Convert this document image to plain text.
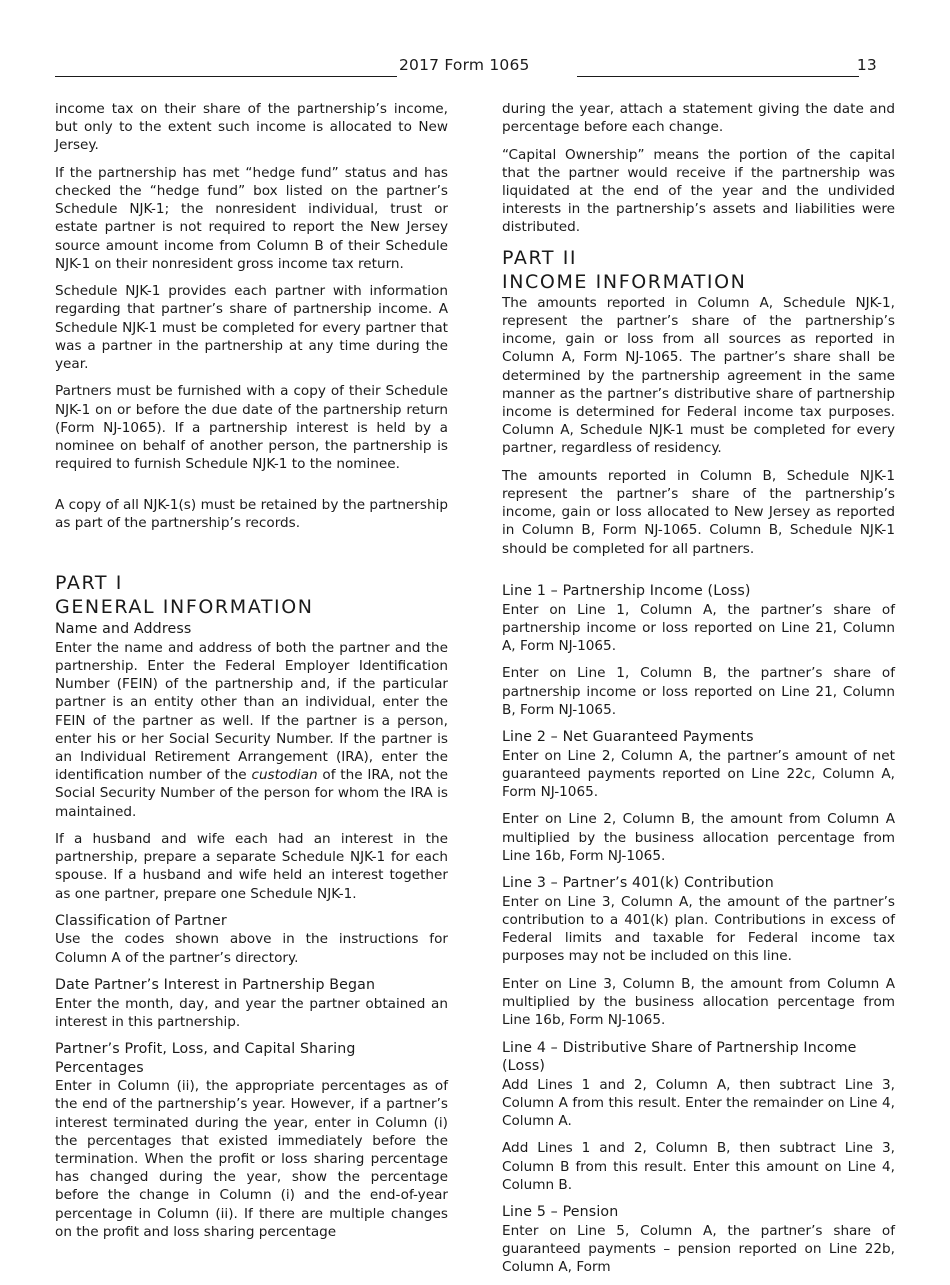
2017 Form 1065	13

income tax on their share of the partnership’s income, but only to the extent such income is allocated to New Jersey.

If the partnership has met “hedge fund” status and has checked the “hedge fund” box listed on the partner’s Schedule NJK-1; the nonresident individual, trust or estate partner is not required to report the New Jersey source amount income from Column B of their Schedule NJK-1 on their nonresident gross income tax return.

Schedule NJK-1 provides each partner with information regarding that partner’s share of partnership income. A Schedule NJK-1 must be completed for every partner that was a partner in the partnership at any time during the year.

Partners must be furnished with a copy of their Schedule NJK-1 on or before the due date of the partnership return (Form NJ-1065). If a partnership interest is held by a nominee on behalf of another person, the partnership is required to furnish Schedule NJK-1 to the nominee.

A copy of all NJK-1(s) must be retained by the partnership as part of the partnership’s records.

PART I
GENERAL INFORMATION
Name and Address

Enter the name and address of both the partner and the partnership. Enter the Federal Employer Identification Number (FEIN) of the partnership and, if the particular partner is an entity other than an individual, enter the FEIN of the partner as well. If the partner is a person, enter his or her Social Security Number. If the partner is an Individual Retirement Arrangement (IRA), enter the identification number of the custodian of the IRA, not the Social Security Number of the person for whom the IRA is maintained.

If a husband and wife each had an interest in the partnership, prepare a separate Schedule NJK-1 for each spouse. If a husband and wife held an interest together as one partner, prepare one Schedule NJK-1.

Classification of Partner

Use the codes shown above in the instructions for Column A of the partner’s directory.

Date Partner’s Interest in Partnership Began

Enter the month, day, and year the partner obtained an interest in this partnership.

Partner’s Profit, Loss, and Capital Sharing Percentages

Enter in Column (ii), the appropriate percentages as of the end of the partnership’s year. However, if a partner’s interest terminated during the year, enter in Column (i) the percentages that existed immediately before the termination. When the profit or loss sharing percentage has changed during the year, show the percentage before the change in Column (i) and the end-of-year percentage in Column (ii). If there are multiple changes on the profit and loss sharing percentage

during the year, attach a statement giving the date and percentage before each change.

“Capital Ownership” means the portion of the capital that the partner would receive if the partnership was liquidated at the end of the year and the undivided interests in the partnership’s assets and liabilities were distributed.

PART II
INCOME INFORMATION

The amounts reported in Column A, Schedule NJK-1, represent the partner’s share of the partnership’s income, gain or loss from all sources as reported in Column A, Form NJ-1065. The partner’s share shall be determined by the partnership agreement in the same manner as the partner’s distributive share of partnership income is determined for Federal income tax purposes. Column A, Schedule NJK-1 must be completed for every partner, regardless of residency.

The amounts reported in Column B, Schedule NJK-1 represent the partner’s share of the partnership’s income, gain or loss allocated to New Jersey as reported in Column B, Form NJ-1065. Column B, Schedule NJK-1 should be completed for all partners.

Line 1 – Partnership Income (Loss)

Enter on Line 1, Column A, the partner’s share of partnership income or loss reported on Line 21, Column A, Form NJ-1065.

Enter on Line 1, Column B, the partner’s share of partnership income or loss reported on Line 21, Column B, Form NJ-1065.

Line 2 – Net Guaranteed Payments

Enter on Line 2, Column A, the partner’s amount of net guaranteed payments reported on Line 22c, Column A, Form NJ-1065.

Enter on Line 2, Column B, the amount from Column A multiplied by the business allocation percentage from Line 16b, Form NJ-1065.

Line 3 – Partner’s 401(k) Contribution

Enter on Line 3, Column A, the amount of the partner’s contribution to a 401(k) plan. Contributions in excess of Federal limits and taxable for Federal income tax purposes may not be included on this line.

Enter on Line 3, Column B, the amount from Column A multiplied by the business allocation percentage from Line 16b, Form NJ-1065.

Line 4 – Distributive Share of Partnership Income (Loss)

Add Lines 1 and 2, Column A, then subtract Line 3, Column A from this result. Enter the remainder on Line 4, Column A.

Add Lines 1 and 2, Column B, then subtract Line 3, Column B from this result. Enter this amount on Line 4, Column B.

Line 5 – Pension

Enter on Line 5, Column A, the partner’s share of guaranteed payments – pension reported on Line 22b, Column A, Form
